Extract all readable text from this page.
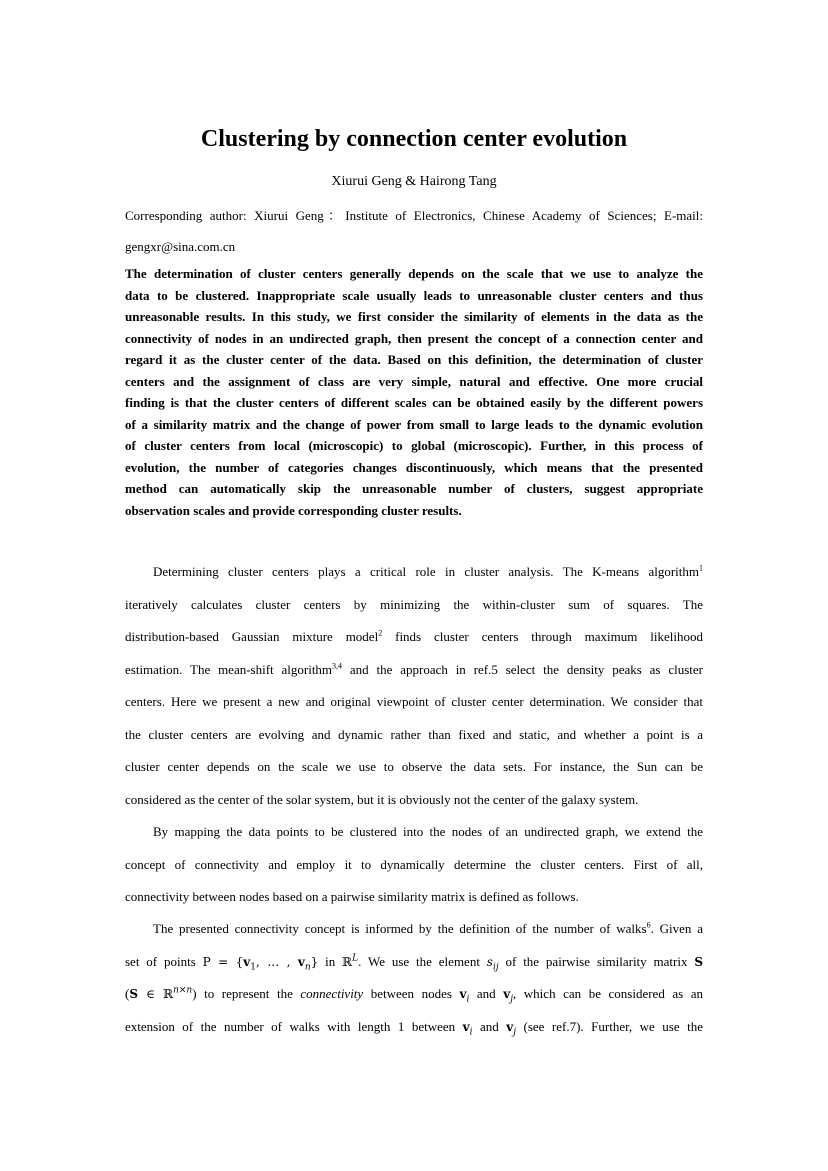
Clustering by connection center evolution
Xiurui Geng & Hairong Tang
Corresponding author: Xiurui Geng：Institute of Electronics, Chinese Academy of Sciences; E-mail:
gengxr@sina.com.cn
The determination of cluster centers generally depends on the scale that we use to analyze the
data to be clustered. Inappropriate scale usually leads to unreasonable cluster centers and thus
unreasonable results. In this study, we first consider the similarity of elements in the data as the
connectivity of nodes in an undirected graph, then present the concept of a connection center and
regard it as the cluster center of the data. Based on this definition, the determination of cluster
centers and the assignment of class are very simple, natural and effective. One more crucial
finding is that the cluster centers of different scales can be obtained easily by the different powers
of a similarity matrix and the change of power from small to large leads to the dynamic evolution
of cluster centers from local (microscopic) to global (microscopic). Further, in this process of
evolution, the number of categories changes discontinuously, which means that the presented
method can automatically skip the unreasonable number of clusters, suggest appropriate
observation scales and provide corresponding cluster results.
Determining cluster centers plays a critical role in cluster analysis. The K-means algorithm$^1$
iteratively calculates cluster centers by minimizing the within-cluster sum of squares. The
distribution-based Gaussian mixture model$^2$ finds cluster centers through maximum likelihood
estimation. The mean-shift algorithm$^{3,4}$ and the approach in ref.5 select the density peaks as cluster
centers. Here we present a new and original viewpoint of cluster center determination. We consider that
the cluster centers are evolving and dynamic rather than fixed and static, and whether a point is a
cluster center depends on the scale we use to observe the data sets. For instance, the Sun can be
considered as the center of the solar system, but it is obviously not the center of the galaxy system.
By mapping the data points to be clustered into the nodes of an undirected graph, we extend the
concept of connectivity and employ it to dynamically determine the cluster centers. First of all,
connectivity between nodes based on a pairwise similarity matrix is defined as follows.
The presented connectivity concept is informed by the definition of the number of walks$^6$. Given a
set of points $P = \{v_1$, … , $v_n$} in ℝ$^L$. We use the element $s_{ij}$ of the pairwise similarity matrix S
(S ∈ ℝ$^{n\times n}$) to represent the connectivity between nodes $v_i$ and $v_j$, which can be considered as an
extension of the number of walks with length 1 between $v_i$ and $v_j$ (see ref.7). Further, we use the
